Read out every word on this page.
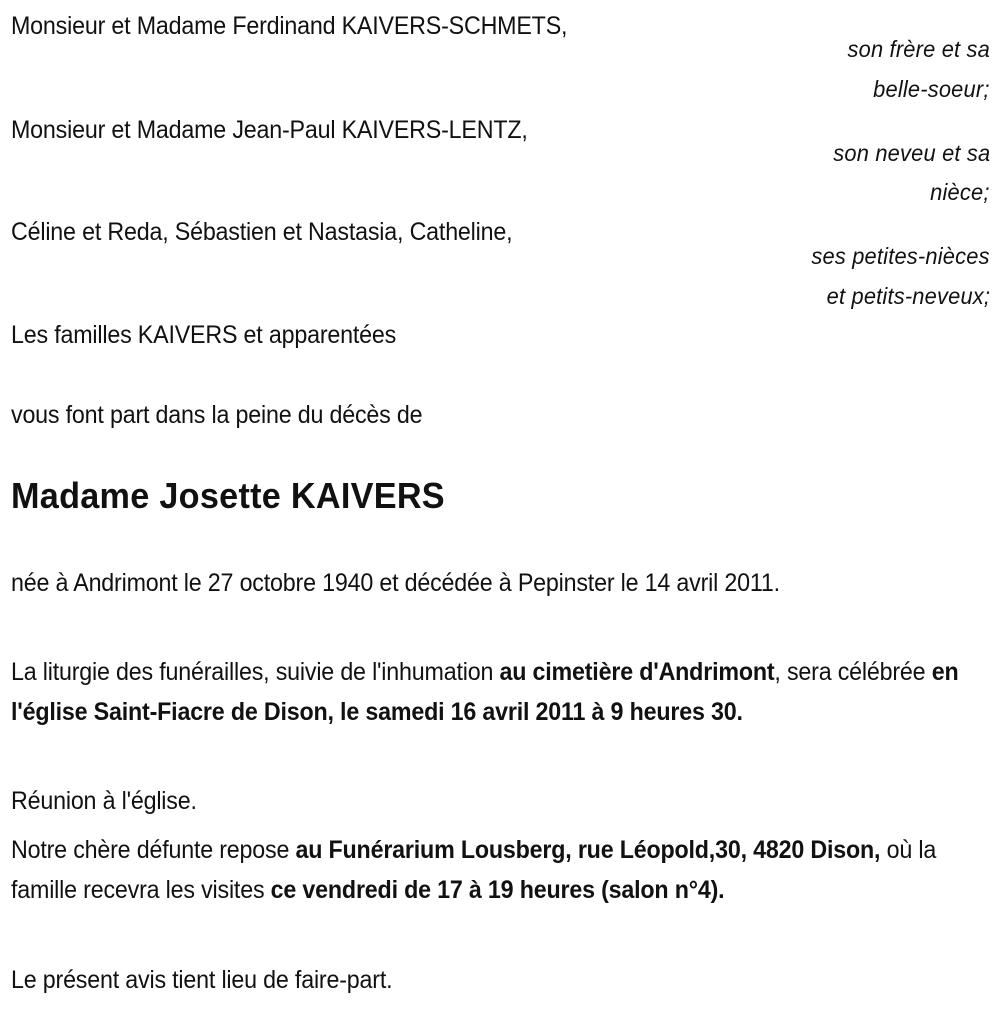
Monsieur et Madame Ferdinand KAIVERS-SCHMETS,
son frère et sa
belle-soeur;
Monsieur et Madame Jean-Paul KAIVERS-LENTZ,
son neveu et sa
nièce;
Céline et Reda, Sébastien et Nastasia, Catheline,
ses petites-nièces
et petits-neveux;
Les familles KAIVERS et apparentées
vous font part dans la peine du décès de
Madame Josette KAIVERS
née à Andrimont le 27 octobre 1940 et décédée à Pepinster le 14 avril 2011.
La liturgie des funérailles, suivie de l'inhumation au cimetière d'Andrimont, sera célébrée en l'église Saint-Fiacre de Dison, le samedi 16 avril 2011 à 9 heures 30.
Réunion à l'église.
Notre chère défunte repose au Funérarium Lousberg, rue Léopold,30, 4820 Dison, où la famille recevra les visites ce vendredi de 17 à 19 heures (salon n°4).
Le présent avis tient lieu de faire-part.
